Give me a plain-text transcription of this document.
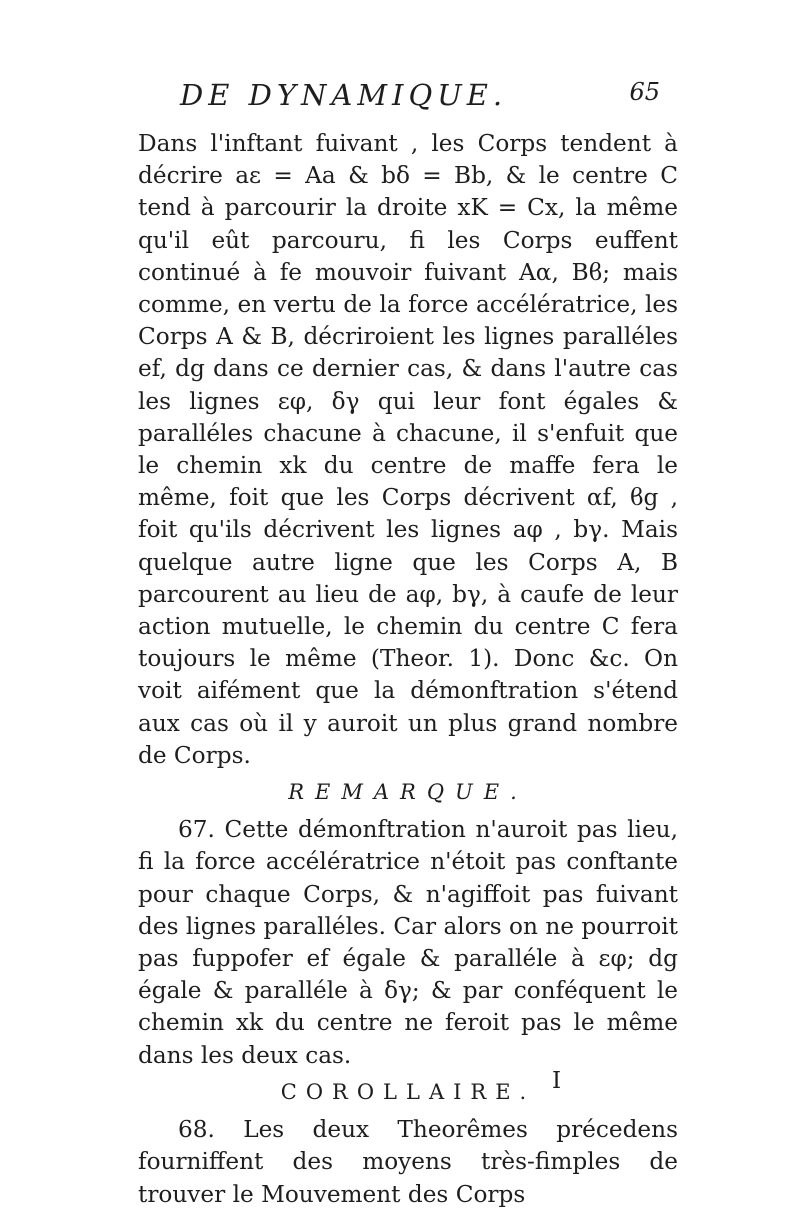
DE DYNAMIQUE.	65

Dans l'inftant fuivant , les Corps tendent à décrire aε = Aa & bδ = Bb, & le centre C tend à parcourir la droite xK = Cx, la même qu'il eût parcouru, fi les Corps euffent continué à fe mouvoir fuivant Aα, Bϐ; mais comme, en vertu de la force accélératrice, les Corps A & B, décriroient les lignes paralléles ef, dg dans ce dernier cas, & dans l'autre cas les lignes εφ, δγ qui leur font égales & paralléles chacune à chacune, il s'enfuit que le chemin xk du centre de maffe fera le même, foit que les Corps décrivent αf, ϐg , foit qu'ils décrivent les lignes aφ , bγ. Mais quelque autre ligne que les Corps A, B parcourent au lieu de aφ, bγ, à caufe de leur action mutuelle, le chemin du centre C fera toujours le même (Theor. 1). Donc &c. On voit aifément que la démonftration s'étend aux cas où il y auroit un plus grand nombre de Corps.

REMARQUE.

67. Cette démonftration n'auroit pas lieu, fi la force accélératrice n'étoit pas conftante pour chaque Corps, & n'agiffoit pas fuivant des lignes paralléles. Car alors on ne pourroit pas fuppofer ef égale & paralléle à εφ; dg égale & paralléle à δγ; & par conféquent le chemin xk du centre ne feroit pas le même dans les deux cas.

COROLLAIRE.

68. Les deux Theorêmes précedens fourniffent des moyens très-fimples de trouver le Mouvement des Corps

I
